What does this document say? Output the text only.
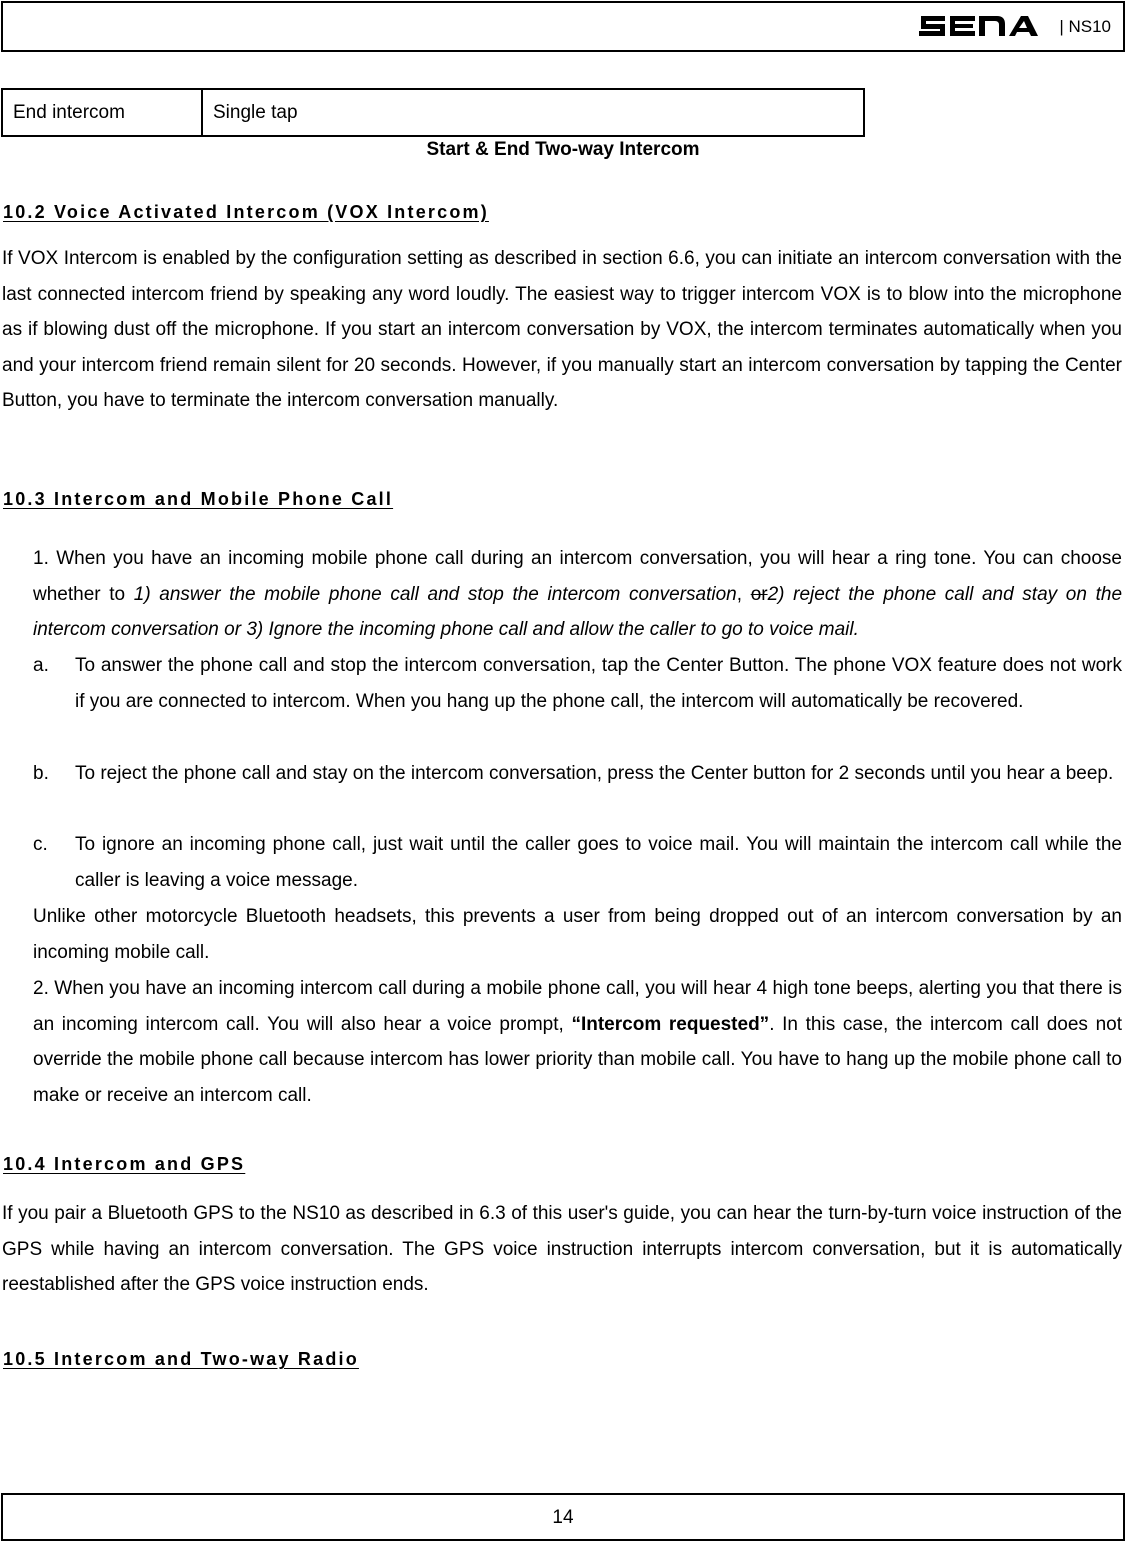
| NS10
End intercom	Single tap
Start & End Two-way Intercom
10.2 Voice Activated Intercom (VOX Intercom)

If VOX Intercom is enabled by the configuration setting as described in section 6.6, you can initiate an intercom conversation with the last connected intercom friend by speaking any word loudly. The easiest way to trigger intercom VOX is to blow into the microphone as if blowing dust off the microphone. If you start an intercom conversation by VOX, the intercom terminates automatically when you and your intercom friend remain silent for 20 seconds. However, if you manually start an intercom conversation by tapping the Center Button, you have to terminate the intercom conversation manually.

10.3 Intercom and Mobile Phone Call

1. When you have an incoming mobile phone call during an intercom conversation, you will hear a ring tone. You can choose whether to 1) answer the mobile phone call and stop the intercom conversation, or2) reject the phone call and stay on the intercom conversation or 3) Ignore the incoming phone call and allow the caller to go to voice mail.

a. To answer the phone call and stop the intercom conversation, tap the Center Button. The phone VOX feature does not work if you are connected to intercom. When you hang up the phone call, the intercom will automatically be recovered.

b. To reject the phone call and stay on the intercom conversation, press the Center button for 2 seconds until you hear a beep.

c. To ignore an incoming phone call, just wait until the caller goes to voice mail. You will maintain the intercom call while the caller is leaving a voice message.

Unlike other motorcycle Bluetooth headsets, this prevents a user from being dropped out of an intercom conversation by an incoming mobile call.

2. When you have an incoming intercom call during a mobile phone call, you will hear 4 high tone beeps, alerting you that there is an incoming intercom call. You will also hear a voice prompt, “Intercom requested”. In this case, the intercom call does not override the mobile phone call because intercom has lower priority than mobile call. You have to hang up the mobile phone call to make or receive an intercom call.

10.4 Intercom and GPS

If you pair a Bluetooth GPS to the NS10 as described in 6.3 of this user's guide, you can hear the turn-by-turn voice instruction of the GPS while having an intercom conversation. The GPS voice instruction interrupts intercom conversation, but it is automatically reestablished after the GPS voice instruction ends.

10.5 Intercom and Two-way Radio
14
